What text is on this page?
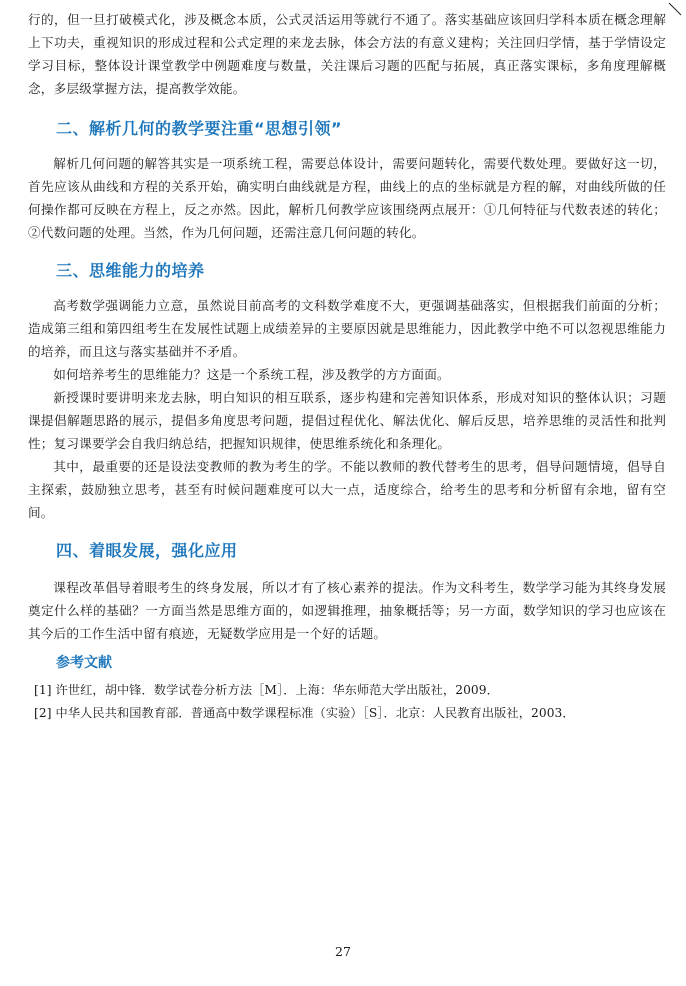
行的，但一旦打破模式化，涉及概念本质，公式灵活运用等就行不通了。落实基础应该回归学科本质在概念理解上下功夫，重视知识的形成过程和公式定理的来龙去脉，体会方法的有意义建构；关注回归学情，基于学情设定学习目标，整体设计课堂教学中例题难度与数量，关注课后习题的匹配与拓展，真正落实课标，多角度理解概念，多层级掌握方法，提高教学效能。

二、解析几何的教学要注重“思想引领”

解析几何问题的解答其实是一项系统工程，需要总体设计，需要问题转化，需要代数处理。要做好这一切，首先应该从曲线和方程的关系开始，确实明白曲线就是方程，曲线上的点的坐标就是方程的解，对曲线所做的任何操作都可反映在方程上，反之亦然。因此，解析几何教学应该围绕两点展开：①几何特征与代数表述的转化；②代数问题的处理。当然，作为几何问题，还需注意几何问题的转化。

三、思维能力的培养

高考数学强调能力立意，虽然说目前高考的文科数学难度不大，更强调基础落实，但根据我们前面的分析；造成第三组和第四组考生在发展性试题上成绩差异的主要原因就是思维能力，因此教学中绝不可以忽视思维能力的培养，而且这与落实基础并不矛盾。

如何培养考生的思维能力？这是一个系统工程，涉及教学的方方面面。

新授课时要讲明来龙去脉，明白知识的相互联系，逐步构建和完善知识体系，形成对知识的整体认识；习题课提倡解题思路的展示，提倡多角度思考问题，提倡过程优化、解法优化、解后反思，培养思维的灵活性和批判性；复习课要学会自我归纳总结，把握知识规律，使思维系统化和条理化。

其中，最重要的还是设法变教师的教为考生的学。不能以教师的教代替考生的思考，倡导问题情境，倡导自主探索，鼓励独立思考，甚至有时候问题难度可以大一点，适度综合，给考生的思考和分析留有余地，留有空间。

四、着眼发展，强化应用

课程改革倡导着眼考生的终身发展，所以才有了核心素养的提法。作为文科考生，数学学习能为其终身发展奠定什么样的基础？一方面当然是思维方面的，如逻辑推理，抽象概括等；另一方面，数学知识的学习也应该在其今后的工作生活中留有痕迹，无疑数学应用是一个好的话题。

参考文献

[1] 许世红，胡中锋．数学试卷分析方法［M］．上海：华东师范大学出版社，2009．

[2] 中华人民共和国教育部．普通高中数学课程标准（实验）［S］．北京：人民教育出版社，2003．

27
